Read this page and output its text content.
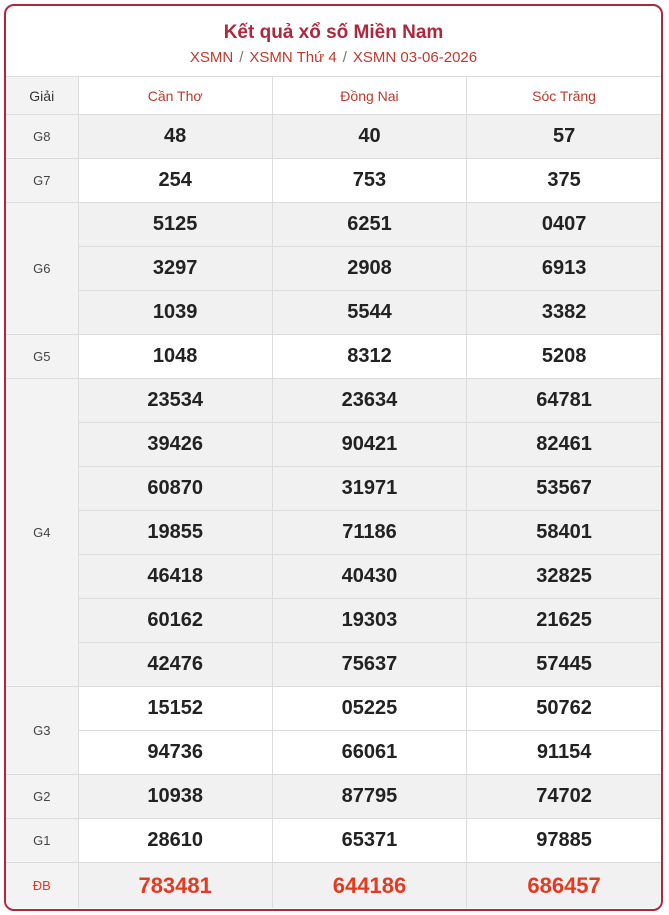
Kết quả xổ số Miền Nam
XSMN / XSMN Thứ 4 / XSMN 03-06-2026
Giải	Cần Thơ	Đồng Nai	Sóc Trăng
G8	48	40	57
G7	254	753	375
G6	5125	6251	0407
	3297	2908	6913
	1039	5544	3382
G5	1048	8312	5208
G4	23534	23634	64781
	39426	90421	82461
	60870	31971	53567
	19855	71186	58401
	46418	40430	32825
	60162	19303	21625
	42476	75637	57445
G3	15152	05225	50762
	94736	66061	91154
G2	10938	87795	74702
G1	28610	65371	97885
ĐB	783481	644186	686457
